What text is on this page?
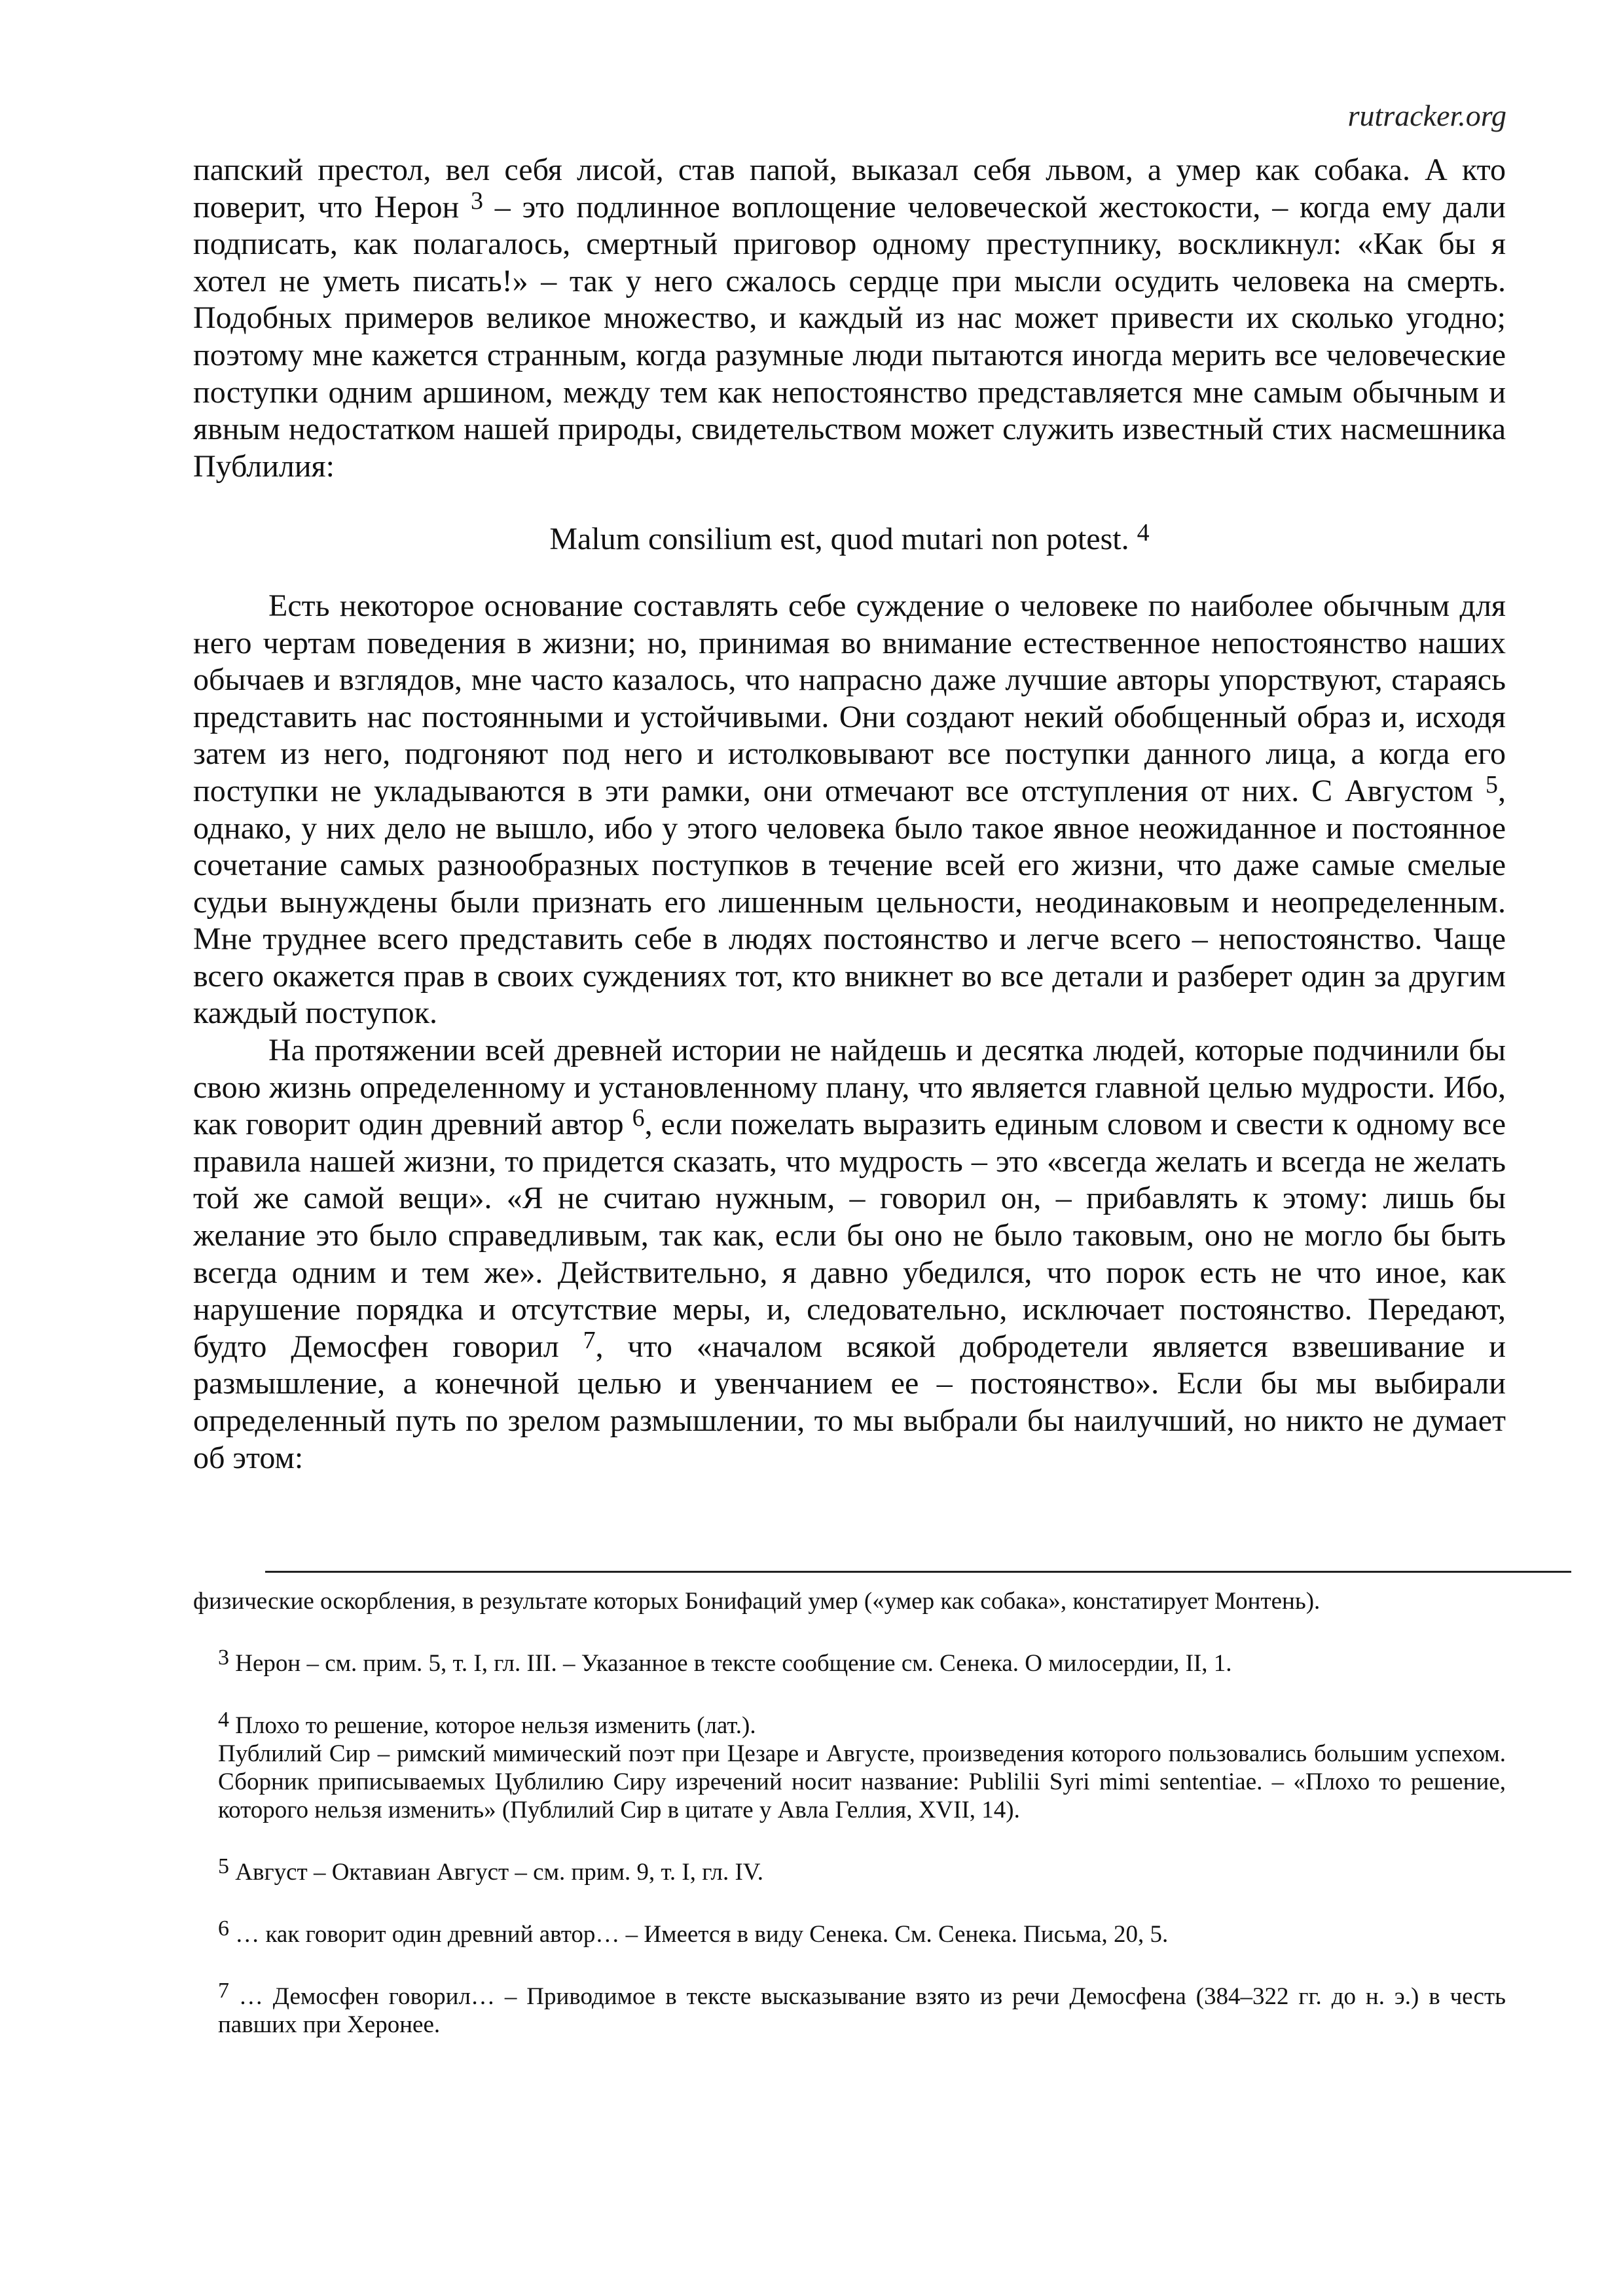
rutracker.org

папский престол, вел себя лисой, став папой, выказал себя львом, а умер как собака. А кто поверит, что Нерон $^3$ – это подлинное воплощение человеческой жестокости, – когда ему дали подписать, как полагалось, смертный приговор одному преступнику, воскликнул: «Как бы я хотел не уметь писать!» – так у него сжалось сердце при мысли осудить человека на смерть. Подобных примеров великое множество, и каждый из нас может привести их сколько угодно; поэтому мне кажется странным, когда разумные люди пытаются иногда мерить все человеческие поступки одним аршином, между тем как непостоянство представляется мне самым обычным и явным недостатком нашей природы, свидетельством может служить известный стих насмешника Публилия:

Malum consilium est, quod mutari non potest. $^4$

Есть некоторое основание составлять себе суждение о человеке по наиболее обычным для него чертам поведения в жизни; но, принимая во внимание естественное непостоянство наших обычаев и взглядов, мне часто казалось, что напрасно даже лучшие авторы упорствуют, стараясь представить нас постоянными и устойчивыми. Они создают некий обобщенный образ и, исходя затем из него, подгоняют под него и истолковывают все поступки данного лица, а когда его поступки не укладываются в эти рамки, они отмечают все отступления от них. С Августом $^5$, однако, у них дело не вышло, ибо у этого человека было такое явное неожиданное и постоянное сочетание самых разнообразных поступков в течение всей его жизни, что даже самые смелые судьи вынуждены были признать его лишенным цельности, неодинаковым и неопределенным. Мне труднее всего представить себе в людях постоянство и легче всего – непостоянство. Чаще всего окажется прав в своих суждениях тот, кто вникнет во все детали и разберет один за другим каждый поступок.

На протяжении всей древней истории не найдешь и десятка людей, которые подчинили бы свою жизнь определенному и установленному плану, что является главной целью мудрости. Ибо, как говорит один древний автор $^6$, если пожелать выразить единым словом и свести к одному все правила нашей жизни, то придется сказать, что мудрость – это «всегда желать и всегда не желать той же самой вещи». «Я не считаю нужным, – говорил он, – прибавлять к этому: лишь бы желание это было справедливым, так как, если бы оно не было таковым, оно не могло бы быть всегда одним и тем же». Действительно, я давно убедился, что порок есть не что иное, как нарушение порядка и отсутствие меры, и, следовательно, исключает постоянство. Передают, будто Демосфен говорил $^7$, что «началом всякой добродетели является взвешивание и размышление, а конечной целью и увенчанием ее – постоянство». Если бы мы выбирали определенный путь по зрелом размышлении, то мы выбрали бы наилучший, но никто не думает об этом:

физические оскорбления, в результате которых Бонифаций умер («умер как собака», констатирует Монтень).

$^3$ Нерон – см. прим. 5, т. I, гл. III. – Указанное в тексте сообщение см. Сенека. О милосердии, II, 1.

$^4$ Плохо то решение, которое нельзя изменить (лат.).

Публилий Сир – римский мимический поэт при Цезаре и Августе, произведения которого пользовались большим успехом. Сборник приписываемых Цублилию Сиру изречений носит название: Publilii Syri mimi sententiae. – «Плохо то решение, которого нельзя изменить» (Публилий Сир в цитате у Авла Геллия, XVII, 14).

$^5$ Август – Октавиан Август – см. прим. 9, т. I, гл. IV.

$^6$ … как говорит один древний автор… – Имеется в виду Сенека. См. Сенека. Письма, 20, 5.

$^7$ … Демосфен говорил… – Приводимое в тексте высказывание взято из речи Демосфена (384–322 гг. до н. э.) в честь павших при Херонее.
